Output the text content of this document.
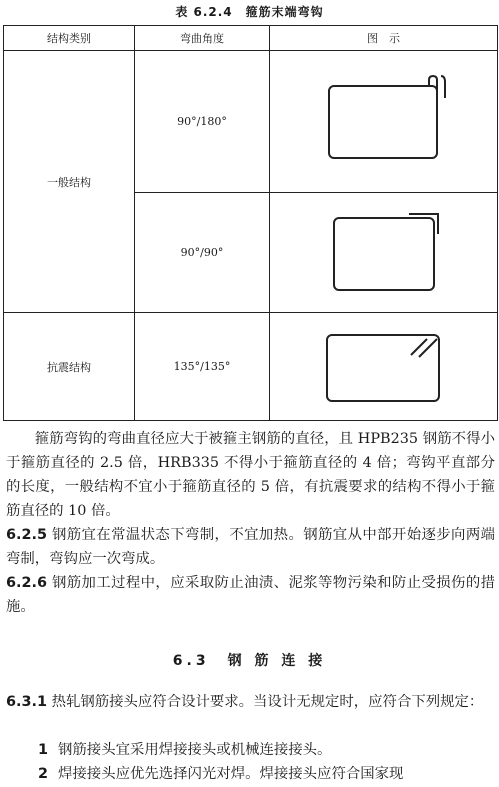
表 6.2.4　箍筋末端弯钩
结构类别	弯曲角度	图　示
一般结构	90°/180°	

	90°/90°	

抗震结构	135°/135°	
箍筋弯钩的弯曲直径应大于被箍主钢筋的直径，且 HPB235 钢筋不得小于箍筋直径的 2.5 倍，HRB335 不得小于箍筋直径的 4 倍；弯钩平直部分的长度，一般结构不宜小于箍筋直径的 5 倍，有抗震要求的结构不得小于箍筋直径的 10 倍。
6.2.5 钢筋宜在常温状态下弯制，不宜加热。钢筋宜从中部开始逐步向两端弯制，弯钩应一次弯成。
6.2.6 钢筋加工过程中，应采取防止油渍、泥浆等物污染和防止受损伤的措施。
6.3　钢 筋 连 接
6.3.1 热轧钢筋接头应符合设计要求。当设计无规定时，应符合下列规定：
1 钢筋接头宜采用焊接接头或机械连接接头。
2 焊接接头应优先选择闪光对焊。焊接接头应符合国家现
